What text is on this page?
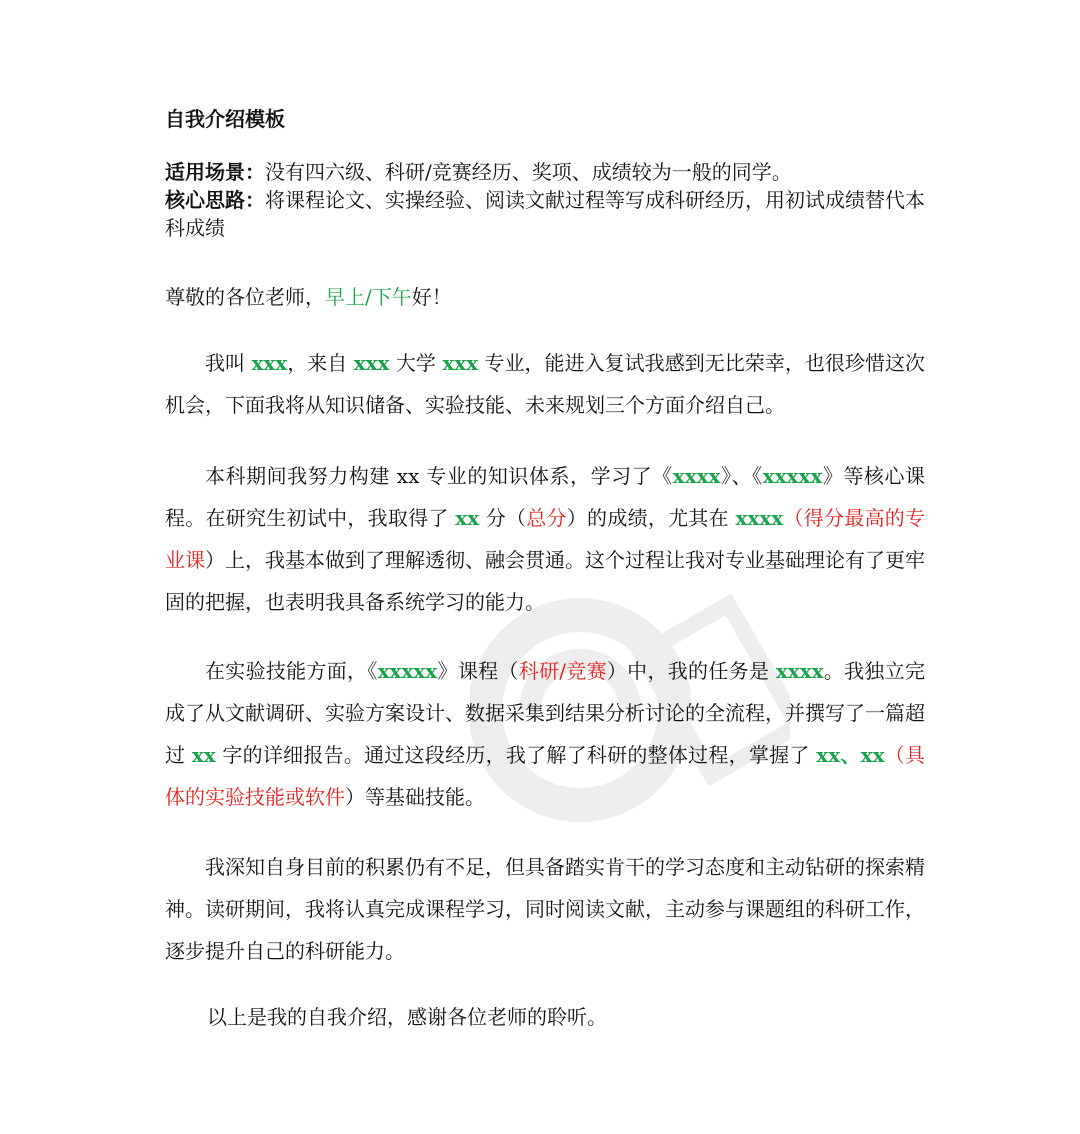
自我介绍模板

适用场景：没有四六级、科研/竞赛经历、奖项、成绩较为一般的同学。

核心思路：将课程论文、实操经验、阅读文献过程等写成科研经历，用初试成绩替代本科成绩

尊敬的各位老师，早上/下午好！

我叫 xxx，来自 xxx 大学 xxx 专业，能进入复试我感到无比荣幸，也很珍惜这次机会，下面我将从知识储备、实验技能、未来规划三个方面介绍自己。

本科期间我努力构建 xx 专业的知识体系，学习了《xxxx》、《xxxxx》等核心课程。在研究生初试中，我取得了 xx 分（总分）的成绩，尤其在 xxxx（得分最高的专业课）上，我基本做到了理解透彻、融会贯通。这个过程让我对专业基础理论有了更牢固的把握，也表明我具备系统学习的能力。

在实验技能方面，《xxxxx》课程（科研/竞赛）中，我的任务是 xxxx。我独立完成了从文献调研、实验方案设计、数据采集到结果分析讨论的全流程，并撰写了一篇超过 xx 字的详细报告。通过这段经历，我了解了科研的整体过程，掌握了 xx、xx（具体的实验技能或软件）等基础技能。

我深知自身目前的积累仍有不足，但具备踏实肯干的学习态度和主动钻研的探索精神。读研期间，我将认真完成课程学习，同时阅读文献，主动参与课题组的科研工作，逐步提升自己的科研能力。

以上是我的自我介绍，感谢各位老师的聆听。
